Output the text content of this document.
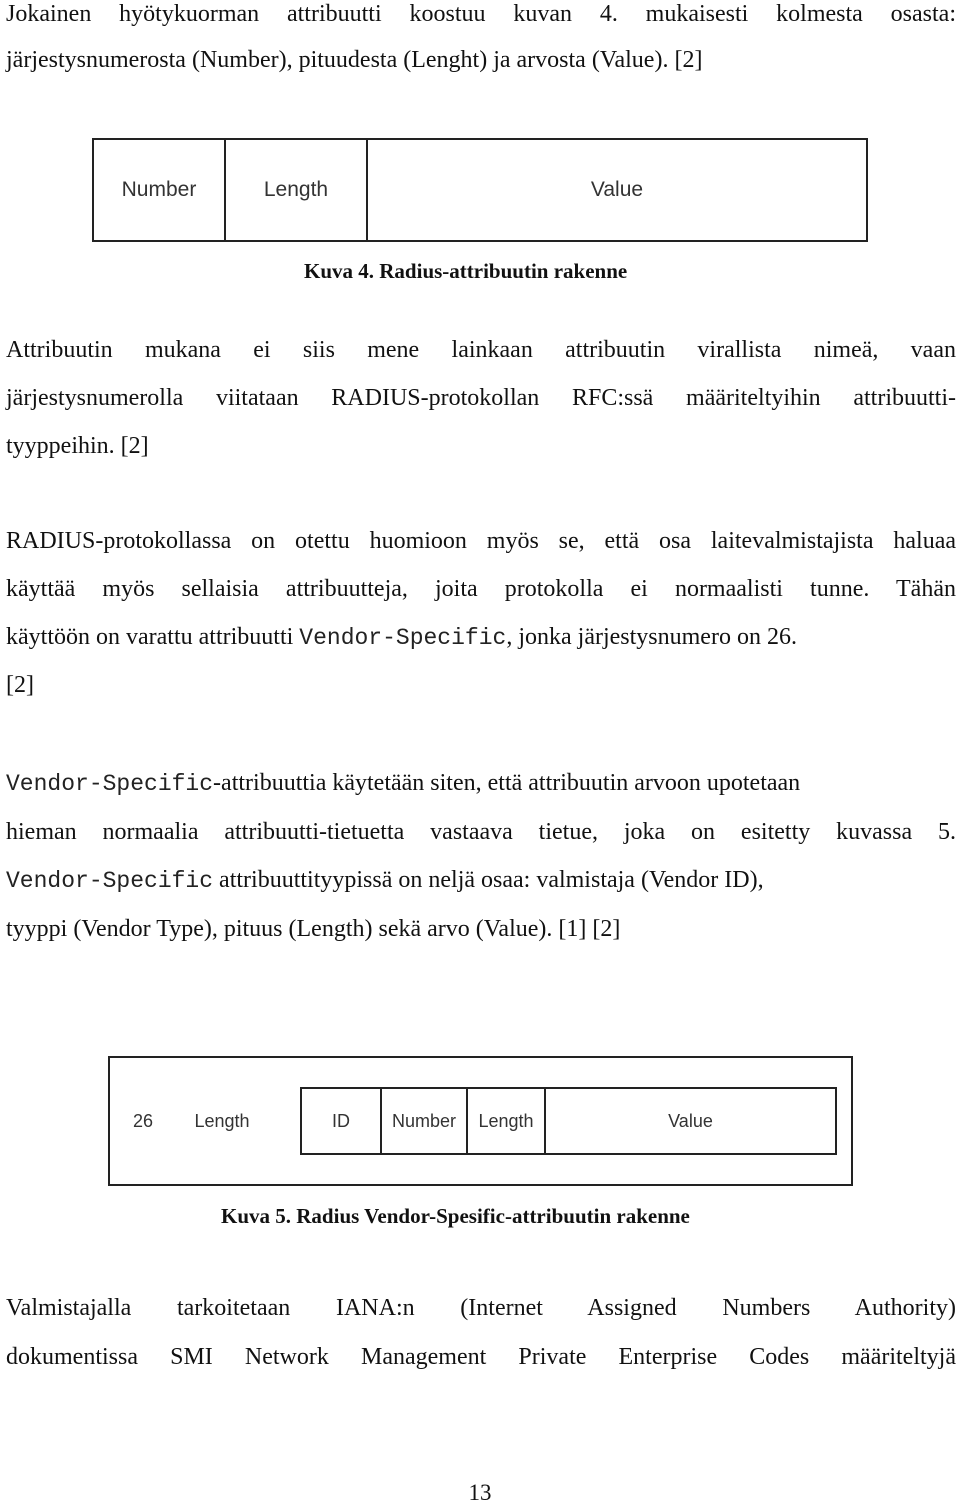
Jokainen hyötykuorman attribuutti koostuu kuvan 4. mukaisesti kolmesta osasta:
järjestysnumerosta (Number), pituudesta (Lenght) ja arvosta (Value). [2]
Number	Length	Value
Kuva 4. Radius-attribuutin rakenne
Attribuutin mukana ei siis mene lainkaan attribuutin virallista nimeä, vaan
järjestysnumerolla viitataan RADIUS-protokollan RFC:ssä määriteltyihin attribuutti-
tyyppeihin. [2]
RADIUS-protokollassa on otettu huomioon myös se, että osa laitevalmistajista haluaa
käyttää myös sellaisia attribuutteja, joita protokolla ei normaalisti tunne. Tähän
käyttöön on varattu attribuutti Vendor-Specific, jonka järjestysnumero on 26.
[2]
Vendor-Specific-attribuuttia käytetään siten, että attribuutin arvoon upotetaan
hieman normaalia attribuutti-tietuetta vastaava tietue, joka on esitetty kuvassa 5.
Vendor-Specific attribuuttityypissä on neljä osaa: valmistaja (Vendor ID),
tyyppi (Vendor Type), pituus (Length) sekä arvo (Value). [1] [2]
26 Length	ID Number Length	Value
Kuva 5. Radius Vendor-Spesific-attribuutin rakenne
Valmistajalla tarkoitetaan IANA:n (Internet Assigned Numbers Authority)
dokumentissa SMI Network Management Private Enterprise Codes määriteltyjä
13
